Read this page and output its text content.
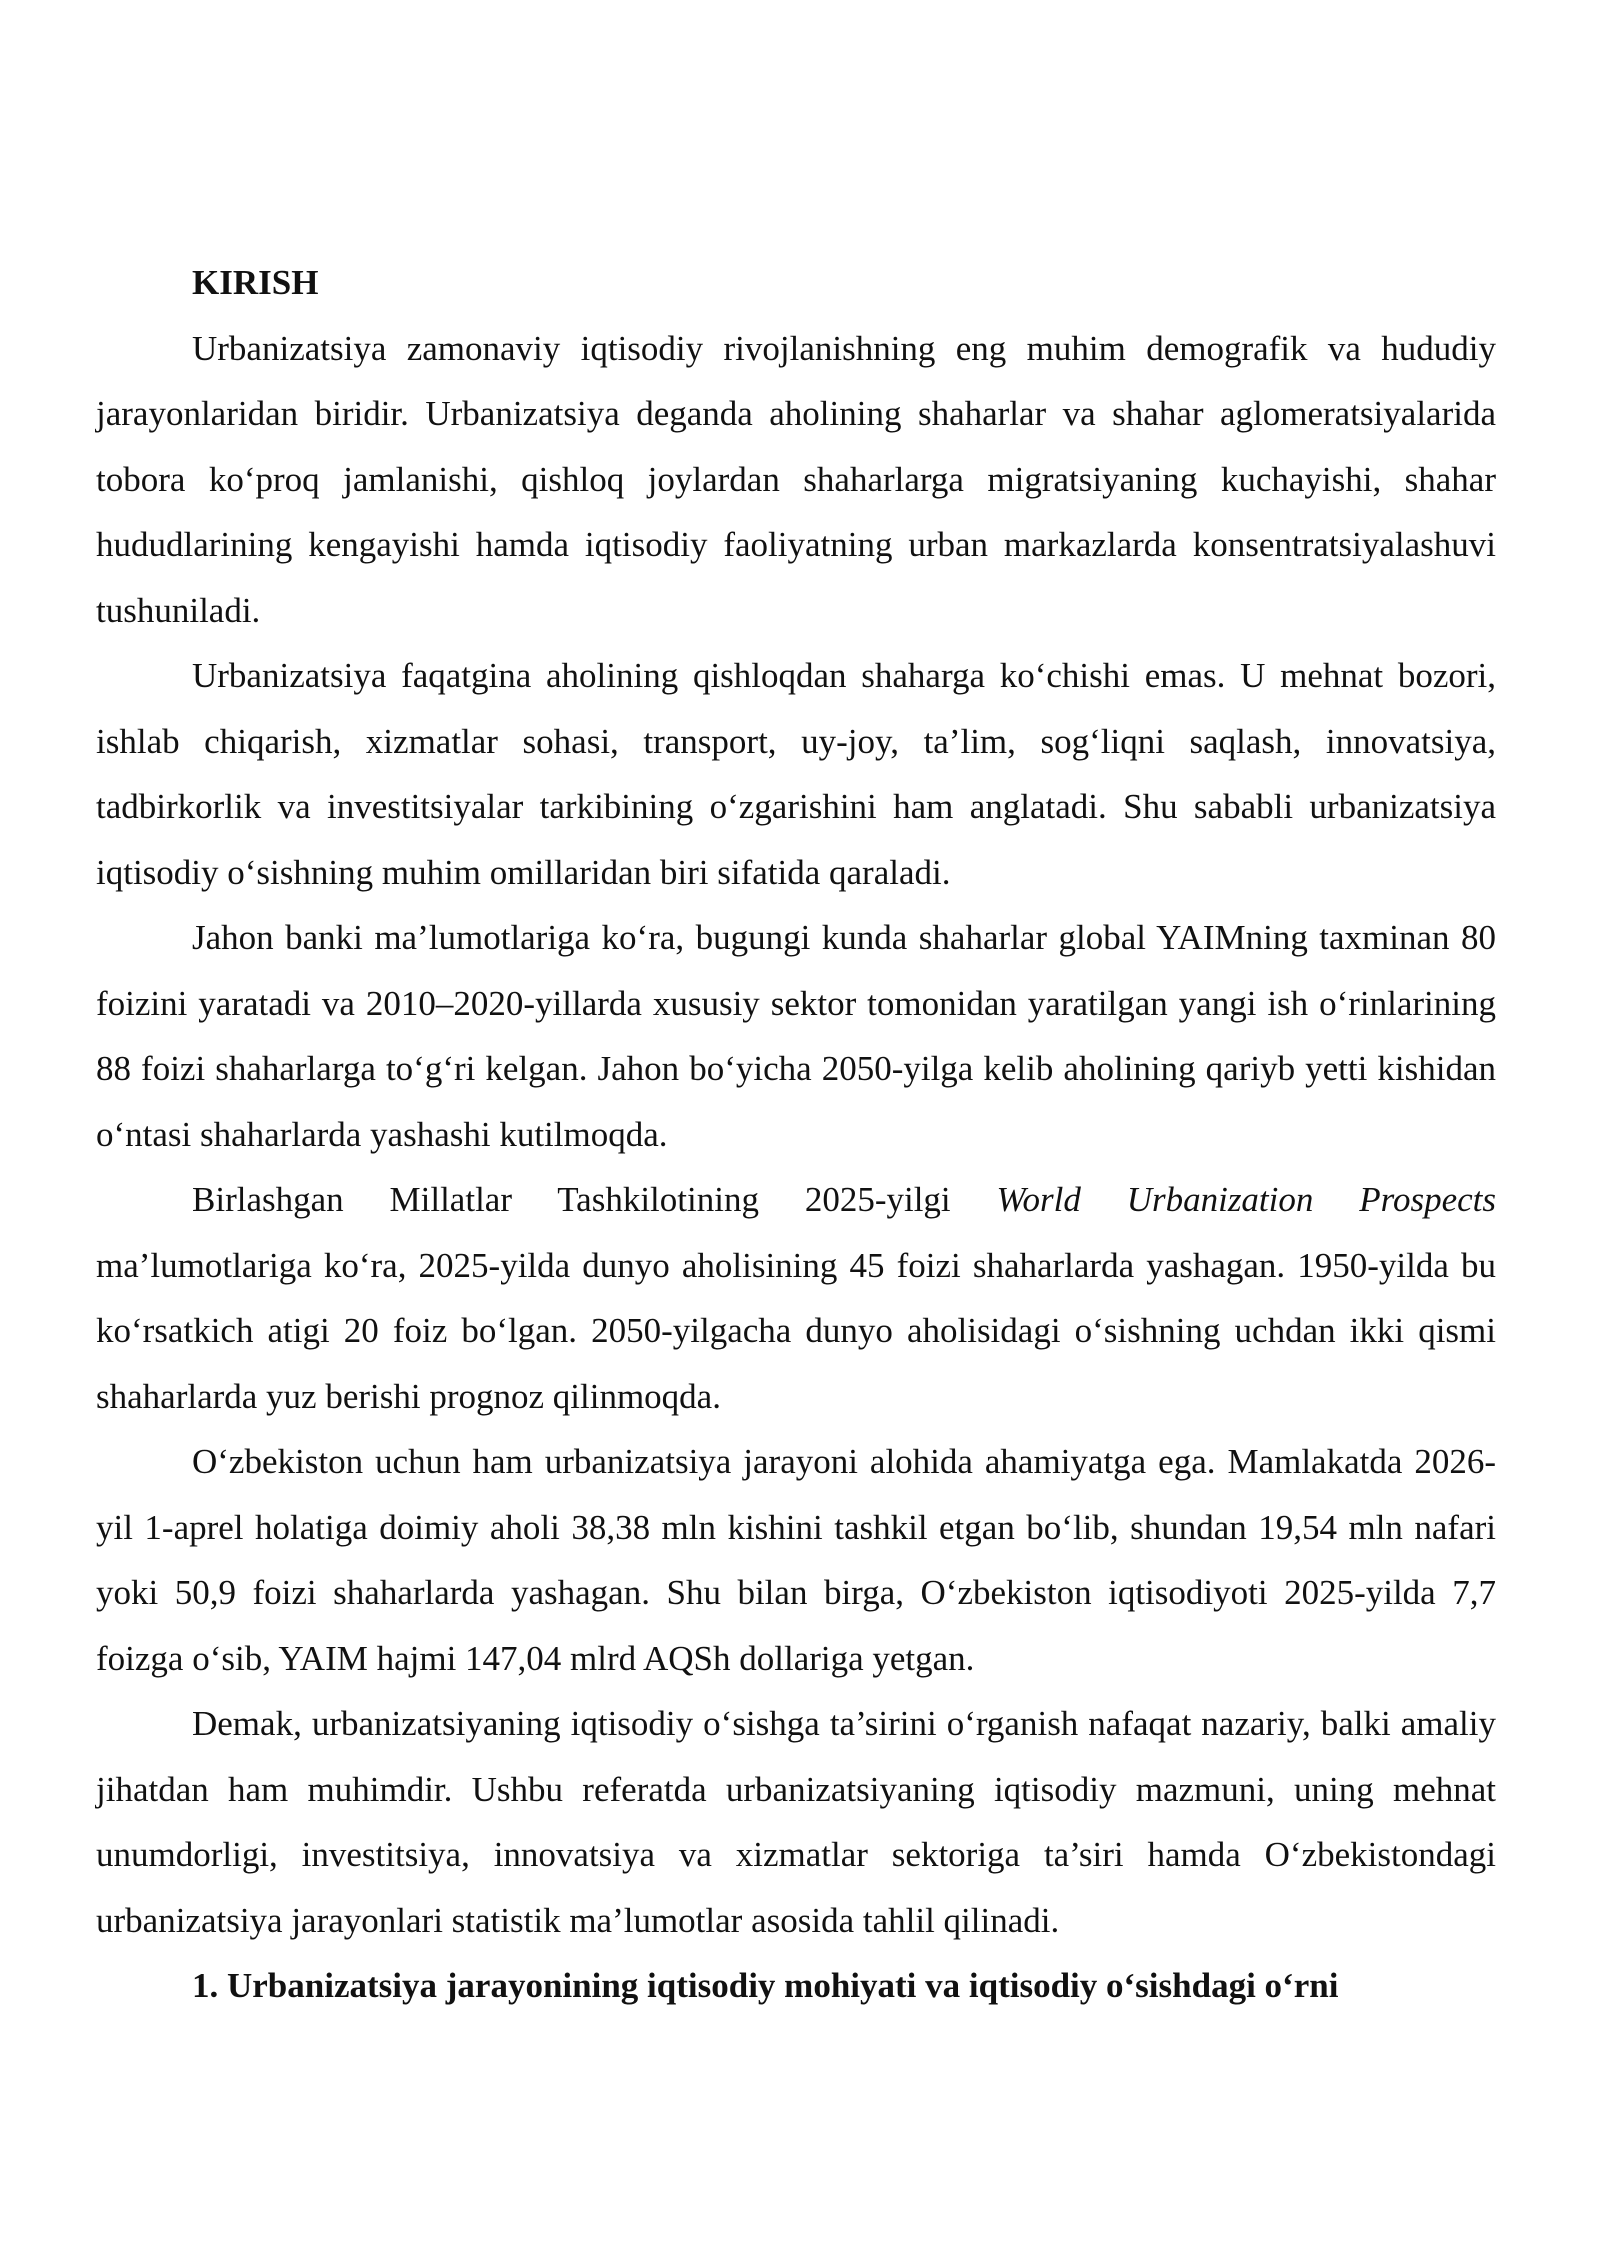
KIRISH

Urbanizatsiya zamonaviy iqtisodiy rivojlanishning eng muhim demografik va hududiy jarayonlaridan biridir. Urbanizatsiya deganda aholining shaharlar va shahar aglomeratsiyalarida tobora ko‘proq jamlanishi, qishloq joylardan shaharlarga migratsiyaning kuchayishi, shahar hududlarining kengayishi hamda iqtisodiy faoliyatning urban markazlarda konsentratsiyalashuvi tushuniladi.

Urbanizatsiya faqatgina aholining qishloqdan shaharga ko‘chishi emas. U mehnat bozori, ishlab chiqarish, xizmatlar sohasi, transport, uy-joy, ta’lim, sog‘liqni saqlash, innovatsiya, tadbirkorlik va investitsiyalar tarkibining o‘zgarishini ham anglatadi. Shu sababli urbanizatsiya iqtisodiy o‘sishning muhim omillaridan biri sifatida qaraladi.

Jahon banki ma’lumotlariga ko‘ra, bugungi kunda shaharlar global YAIMning taxminan 80 foizini yaratadi va 2010–2020-yillarda xususiy sektor tomonidan yaratilgan yangi ish o‘rinlarining 88 foizi shaharlarga to‘g‘ri kelgan. Jahon bo‘yicha 2050-yilga kelib aholining qariyb yetti kishidan o‘ntasi shaharlarda yashashi kutilmoqda.

Birlashgan Millatlar Tashkilotining 2025-yilgi World Urbanization Prospects ma’lumotlariga ko‘ra, 2025-yilda dunyo aholisining 45 foizi shaharlarda yashagan. 1950-yilda bu ko‘rsatkich atigi 20 foiz bo‘lgan. 2050-yilgacha dunyo aholisidagi o‘sishning uchdan ikki qismi shaharlarda yuz berishi prognoz qilinmoqda.

O‘zbekiston uchun ham urbanizatsiya jarayoni alohida ahamiyatga ega. Mamlakatda 2026-yil 1-aprel holatiga doimiy aholi 38,38 mln kishini tashkil etgan bo‘lib, shundan 19,54 mln nafari yoki 50,9 foizi shaharlarda yashagan. Shu bilan birga, O‘zbekiston iqtisodiyoti 2025-yilda 7,7 foizga o‘sib, YAIM hajmi 147,04 mlrd AQSh dollariga yetgan.

Demak, urbanizatsiyaning iqtisodiy o‘sishga ta’sirini o‘rganish nafaqat nazariy, balki amaliy jihatdan ham muhimdir. Ushbu referatda urbanizatsiyaning iqtisodiy mazmuni, uning mehnat unumdorligi, investitsiya, innovatsiya va xizmatlar sektoriga ta’siri hamda O‘zbekistondagi urbanizatsiya jarayonlari statistik ma’lumotlar asosida tahlil qilinadi.

1. Urbanizatsiya jarayonining iqtisodiy mohiyati va iqtisodiy o‘sishdagi o‘rni
